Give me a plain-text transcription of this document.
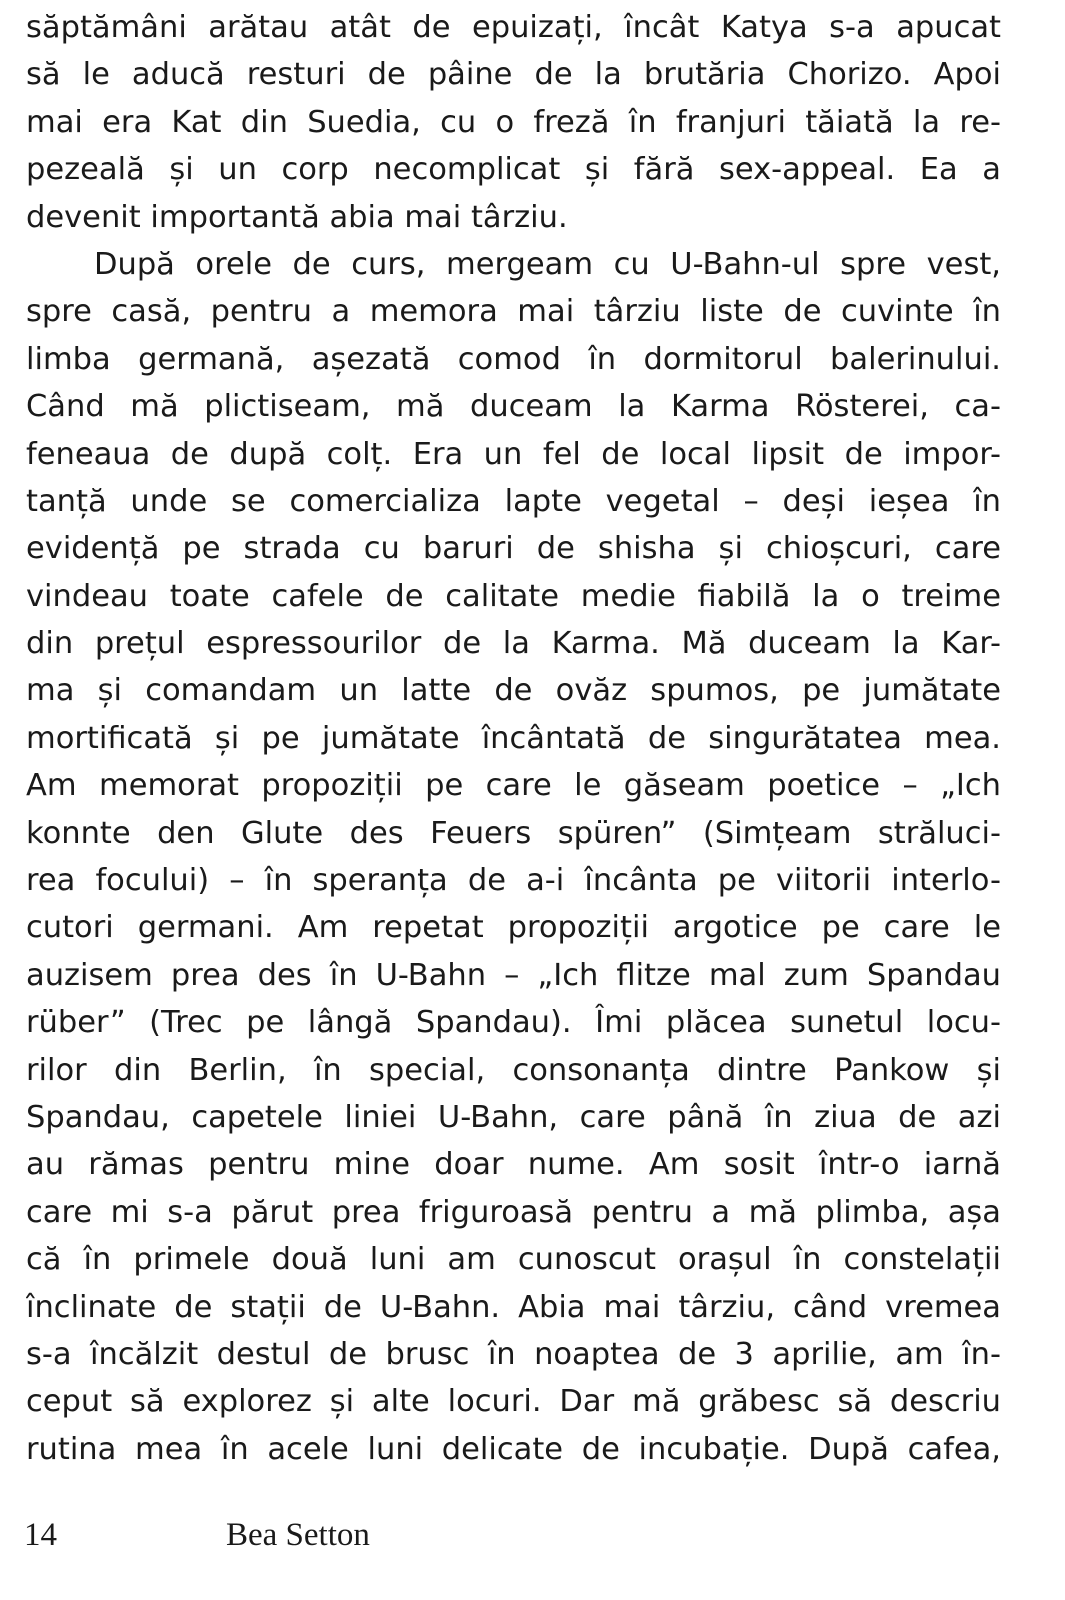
săptămâni arătau atât de epuizați, încât Katya s-a apucat
să le aducă resturi de pâine de la brutăria Chorizo. Apoi
mai era Kat din Suedia, cu o freză în franjuri tăiată la re-
pezeală și un corp necomplicat și fără sex-appeal. Ea a
devenit importantă abia mai târziu.
După orele de curs, mergeam cu U-Bahn-ul spre vest,
spre casă, pentru a memora mai târziu liste de cuvinte în
limba germană, așezată comod în dormitorul balerinului.
Când mă plictiseam, mă duceam la Karma Rösterei, ca-
feneaua de după colț. Era un fel de local lipsit de impor-
tanță unde se comercializa lapte vegetal – deși ieșea în
evidență pe strada cu baruri de shisha și chioșcuri, care
vindeau toate cafele de calitate medie fiabilă la o treime
din prețul espressourilor de la Karma. Mă duceam la Kar-
ma și comandam un latte de ovăz spumos, pe jumătate
mortificată și pe jumătate încântată de singurătatea mea.
Am memorat propoziții pe care le găseam poetice – „Ich
konnte den Glute des Feuers spüren” (Simțeam străluci-
rea focului) – în speranța de a-i încânta pe viitorii interlo-
cutori germani. Am repetat propoziții argotice pe care le
auzisem prea des în U-Bahn – „Ich flitze mal zum Spandau
rüber” (Trec pe lângă Spandau). Îmi plăcea sunetul locu-
rilor din Berlin, în special, consonanța dintre Pankow și
Spandau, capetele liniei U-Bahn, care până în ziua de azi
au rămas pentru mine doar nume. Am sosit într-o iarnă
care mi s-a părut prea friguroasă pentru a mă plimba, așa
că în primele două luni am cunoscut orașul în constelații
înclinate de stații de U-Bahn. Abia mai târziu, când vremea
s-a încălzit destul de brusc în noaptea de 3 aprilie, am în-
ceput să explorez și alte locuri. Dar mă grăbesc să descriu
rutina mea în acele luni delicate de incubație. După cafea,
14	Bea Setton
